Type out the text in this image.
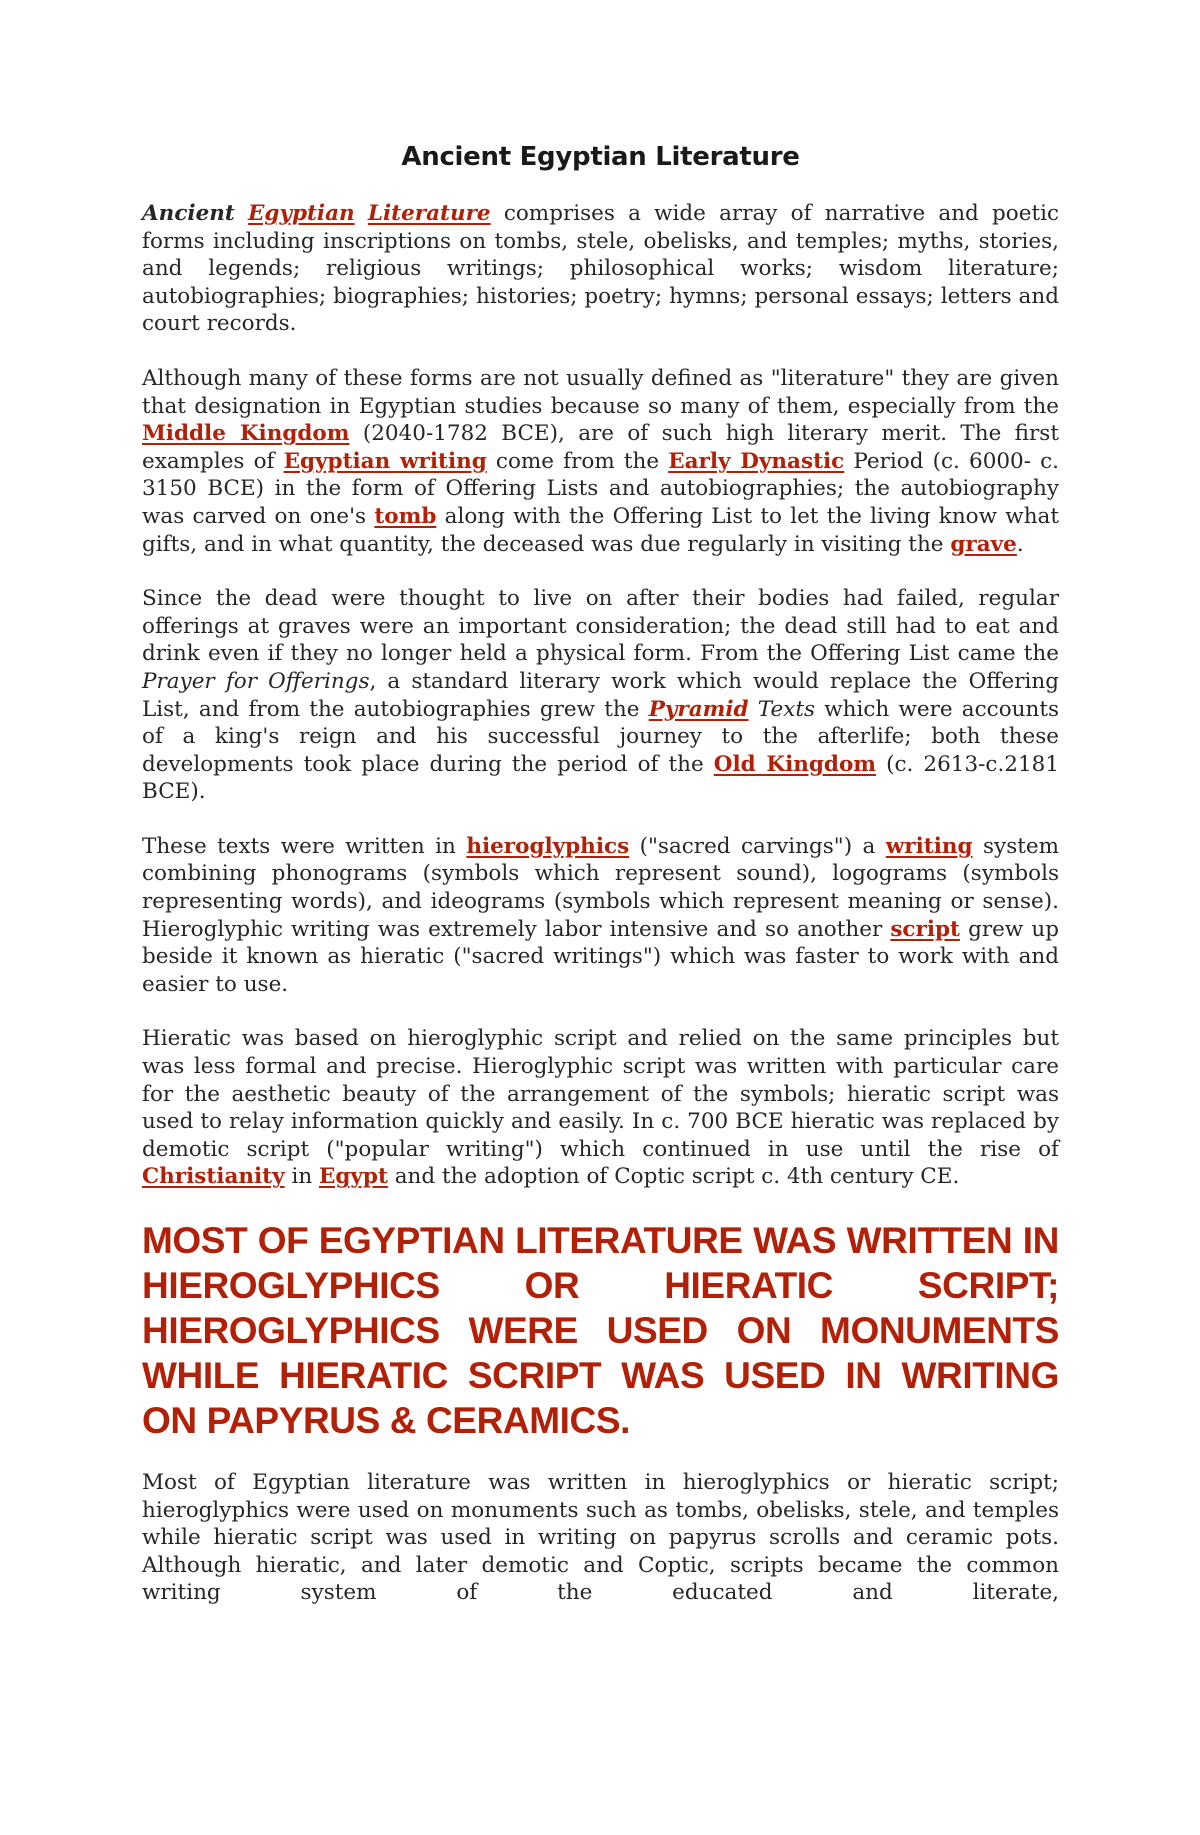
Ancient Egyptian Literature

Ancient Egyptian Literature comprises a wide array of narrative and poetic forms including inscriptions on tombs, stele, obelisks, and temples; myths, stories, and legends; religious writings; philosophical works; wisdom literature; autobiographies; biographies; histories; poetry; hymns; personal essays; letters and court records.

Although many of these forms are not usually defined as "literature" they are given that designation in Egyptian studies because so many of them, especially from the Middle Kingdom (2040-1782 BCE), are of such high literary merit. The first examples of Egyptian writing come from the Early Dynastic Period (c. 6000- c. 3150 BCE) in the form of Offering Lists and autobiographies; the autobiography was carved on one's tomb along with the Offering List to let the living know what gifts, and in what quantity, the deceased was due regularly in visiting the grave.

Since the dead were thought to live on after their bodies had failed, regular offerings at graves were an important consideration; the dead still had to eat and drink even if they no longer held a physical form. From the Offering List came the Prayer for Offerings, a standard literary work which would replace the Offering List, and from the autobiographies grew the Pyramid Texts which were accounts of a king's reign and his successful journey to the afterlife; both these developments took place during the period of the Old Kingdom (c. 2613-c.2181 BCE).

These texts were written in hieroglyphics ("sacred carvings") a writing system combining phonograms (symbols which represent sound), logograms (symbols representing words), and ideograms (symbols which represent meaning or sense). Hieroglyphic writing was extremely labor intensive and so another script grew up beside it known as hieratic ("sacred writings") which was faster to work with and easier to use.

Hieratic was based on hieroglyphic script and relied on the same principles but was less formal and precise. Hieroglyphic script was written with particular care for the aesthetic beauty of the arrangement of the symbols; hieratic script was used to relay information quickly and easily. In c. 700 BCE hieratic was replaced by demotic script ("popular writing") which continued in use until the rise of Christianity in Egypt and the adoption of Coptic script c. 4th century CE.

MOST OF EGYPTIAN LITERATURE WAS WRITTEN IN HIEROGLYPHICS OR HIERATIC SCRIPT; HIEROGLYPHICS WERE USED ON MONUMENTS WHILE HIERATIC SCRIPT WAS USED IN WRITING ON PAPYRUS & CERAMICS.

Most of Egyptian literature was written in hieroglyphics or hieratic script; hieroglyphics were used on monuments such as tombs, obelisks, stele, and temples while hieratic script was used in writing on papyrus scrolls and ceramic pots. Although hieratic, and later demotic and Coptic, scripts became the common writing system of the educated and literate,
